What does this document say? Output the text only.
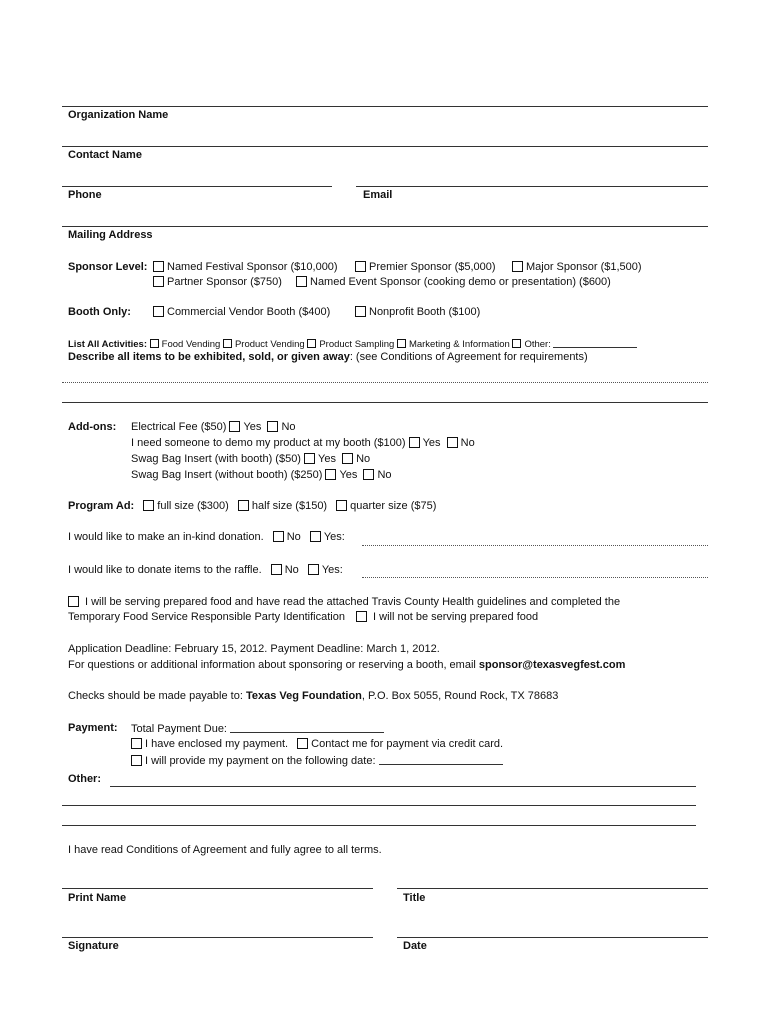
Organization Name
Contact Name
Phone	Email
Mailing Address
Sponsor Level:	Named Festival Sponsor ($10,000)	Premier Sponsor ($5,000)	Major Sponsor ($1,500)
Partner Sponsor ($750)	Named Event Sponsor (cooking demo or presentation) ($600)
Booth Only:	Commercial Vendor Booth ($400)	Nonprofit Booth ($100)
List All Activities: Food Vending Product Vending Product Sampling Marketing & Information Other:
Describe all items to be exhibited, sold, or given away: (see Conditions of Agreement for requirements)
Add-ons: Electrical Fee ($50) Yes No
I need someone to demo my product at my booth ($100) Yes No
Swag Bag Insert (with booth) ($50) Yes No
Swag Bag Insert (without booth) ($250) Yes No
Program Ad: full size ($300) half size ($150) quarter size ($75)
I would like to make an in-kind donation. No Yes:
I would like to donate items to the raffle. No Yes:
I will be serving prepared food and have read the attached Travis County Health guidelines and completed the
Temporary Food Service Responsible Party Identification	I will not be serving prepared food
Application Deadline: February 15, 2012. Payment Deadline: March 1, 2012.
For questions or additional information about sponsoring or reserving a booth, email sponsor@texasvegfest.com
Checks should be made payable to: Texas Veg Foundation, P.O. Box 5055, Round Rock, TX 78683
Payment: Total Payment Due:
I have enclosed my payment. Contact me for payment via credit card.
I will provide my payment on the following date:
Other:
I have read Conditions of Agreement and fully agree to all terms.
Print Name	Title
Signature	Date
